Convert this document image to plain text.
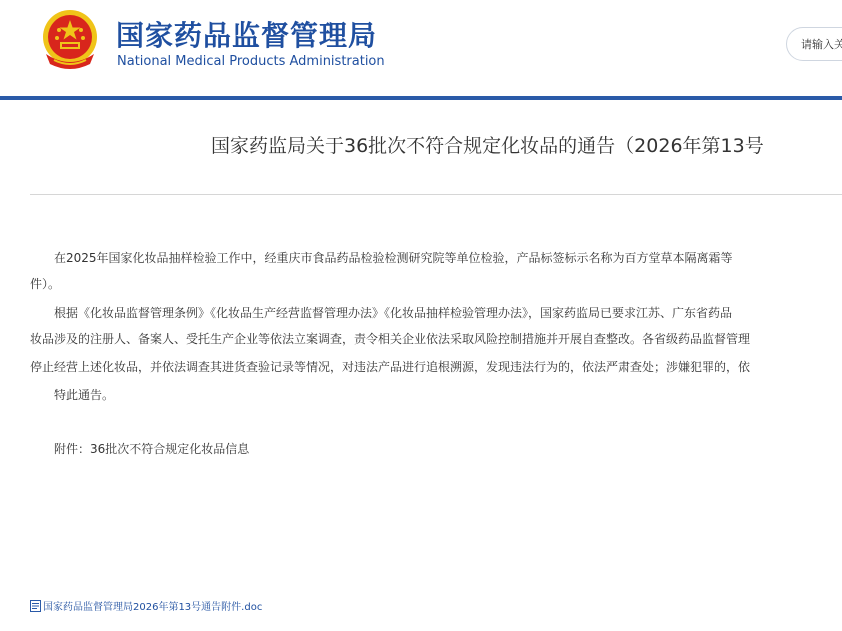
国家药品监督管理局
National Medical Products Administration
请输入关
国家药监局关于36批次不符合规定化妆品的通告（2026年第13号
　　在2025年国家化妆品抽样检验工作中，经重庆市食品药品检验检测研究院等单位检验，产品标签标示名称为百方堂草本隔离霜等
件）。
　　根据《化妆品监督管理条例》《化妆品生产经营监督管理办法》《化妆品抽样检验管理办法》，国家药监局已要求江苏、广东省药品
妆品涉及的注册人、备案人、受托生产企业等依法立案调查，责令相关企业依法采取风险控制措施并开展自查整改。各省级药品监督管理
停止经营上述化妆品，并依法调查其进货查验记录等情况，对违法产品进行追根溯源，发现违法行为的，依法严肃查处；涉嫌犯罪的，依
　　特此通告。
　　附件：36批次不符合规定化妆品信息
国家药品监督管理局2026年第13号通告附件.doc
